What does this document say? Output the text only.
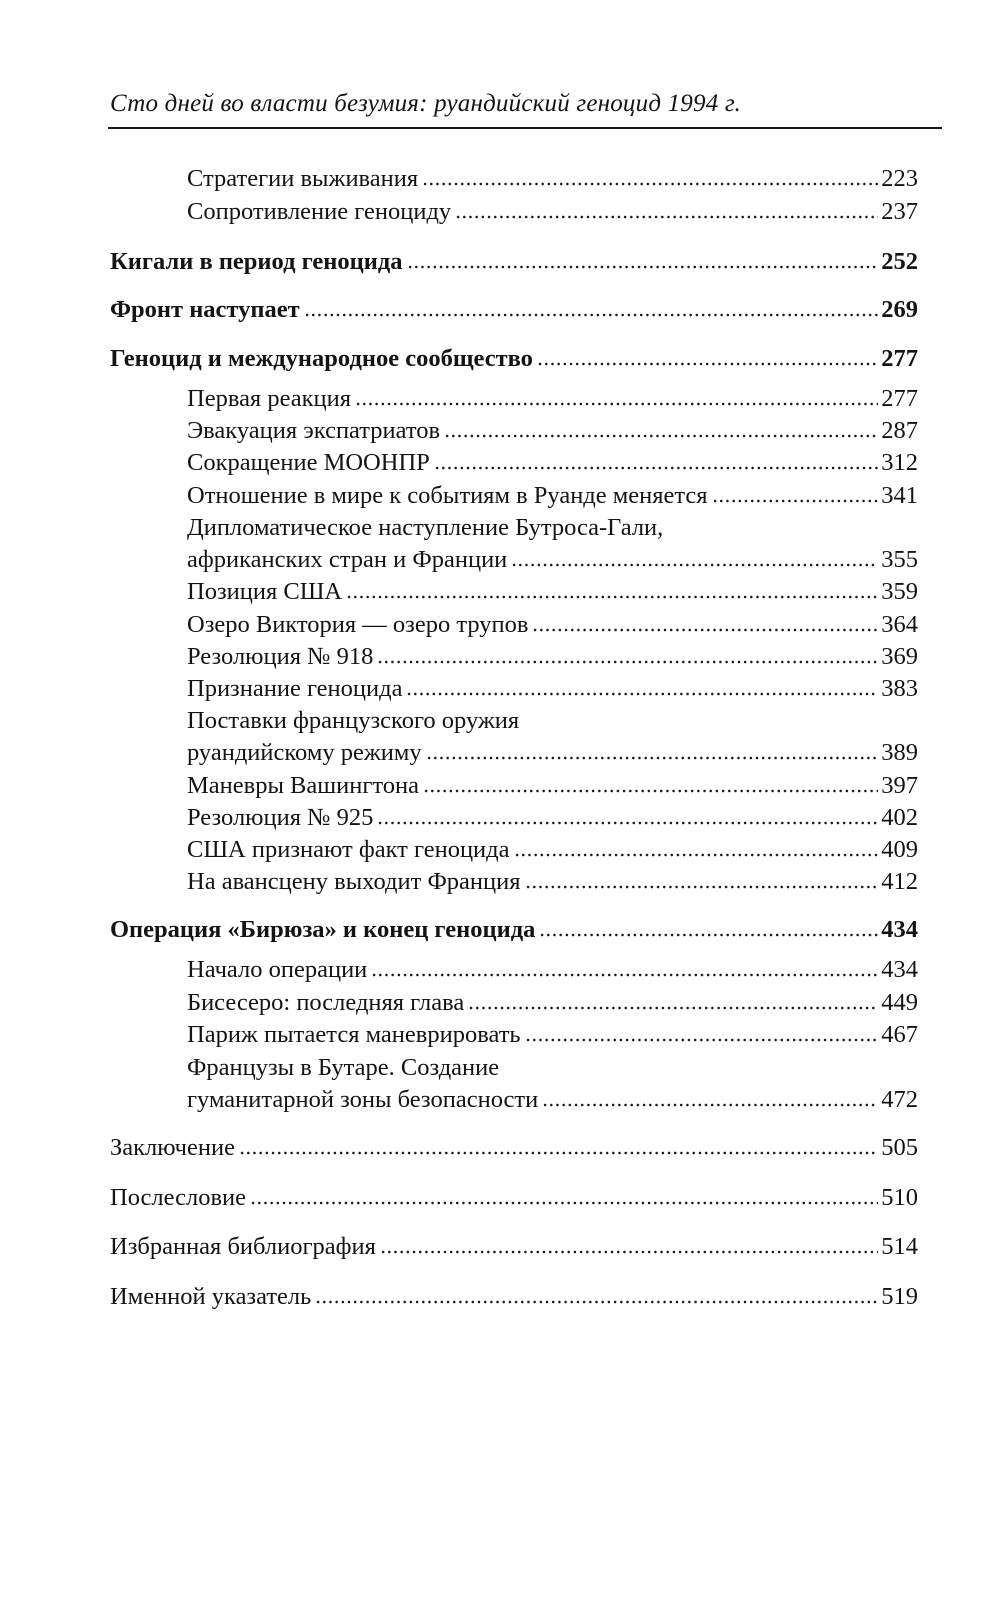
Сто дней во власти безумия: руандийский геноцид 1994 г.
Стратегии выживания	223
Сопротивление геноциду	237
Кигали в период геноцида	252
Фронт наступает	269
Геноцид и международное сообщество	277
Первая реакция	277
Эвакуация экспатриатов	287
Сокращение МООНПР	312
Отношение в мире к событиям в Руанде меняется	341
Дипломатическое наступление Бутроса-Гали,
африканских стран и Франции	355
Позиция США	359
Озеро Виктория — озеро трупов	364
Резолюция № 918	369
Признание геноцида	383
Поставки французского оружия
руандийскому режиму	389
Маневры Вашингтона	397
Резолюция № 925	402
США признают факт геноцида	409
На авансцену выходит Франция	412
Операция «Бирюза» и конец геноцида	434
Начало операции	434
Бисесеро: последняя глава	449
Париж пытается маневрировать	467
Французы в Бутаре. Создание
гуманитарной зоны безопасности	472
Заключение	505
Послесловие	510
Избранная библиография	514
Именной указатель	519
